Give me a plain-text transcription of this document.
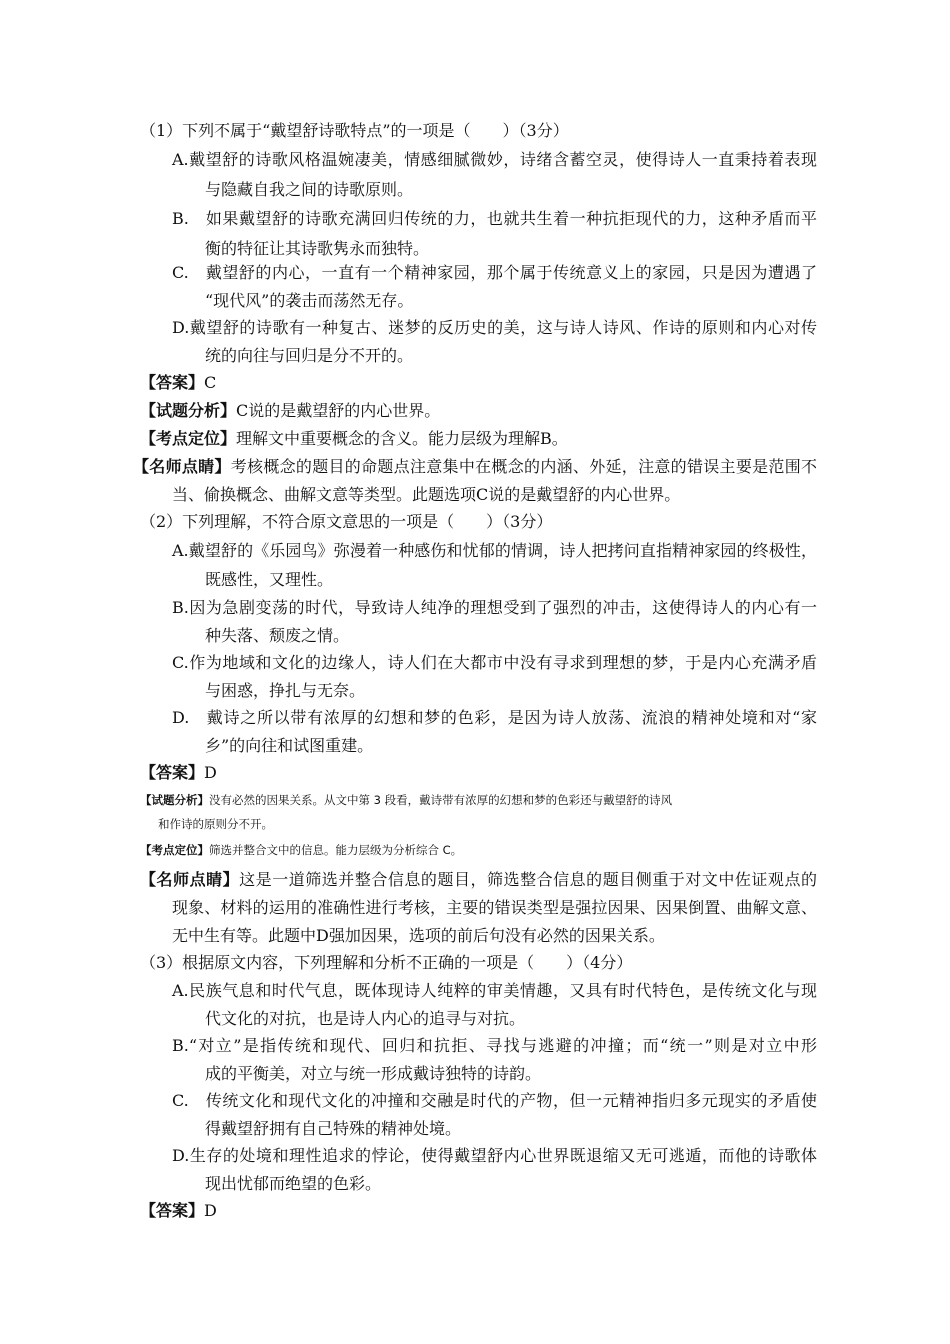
（1）下列不属于“戴望舒诗歌特点”的一项是（　　）（3分）
A.戴望舒的诗歌风格温婉凄美，情感细腻微妙，诗绪含蓄空灵，使得诗人一直秉持着表现
与隐藏自我之间的诗歌原则。
B.　如果戴望舒的诗歌充满回归传统的力，也就共生着一种抗拒现代的力，这种矛盾而平
衡的特征让其诗歌隽永而独特。
C.　戴望舒的内心，一直有一个精神家园，那个属于传统意义上的家园，只是因为遭遇了
“现代风”的袭击而荡然无存。
D.戴望舒的诗歌有一种复古、迷梦的反历史的美，这与诗人诗风、作诗的原则和内心对传
统的向往与回归是分不开的。
【答案】C
【试题分析】C说的是戴望舒的内心世界。
【考点定位】理解文中重要概念的含义。能力层级为理解B。
【名师点睛】考核概念的题目的命题点注意集中在概念的内涵、外延，注意的错误主要是范围不
当、偷换概念、曲解文意等类型。此题选项C说的是戴望舒的内心世界。
（2）下列理解，不符合原文意思的一项是（　　）（3分）
A.戴望舒的《乐园鸟》弥漫着一种感伤和忧郁的情调，诗人把拷问直指精神家园的终极性，
既感性，又理性。
B.因为急剧变荡的时代，导致诗人纯净的理想受到了强烈的冲击，这使得诗人的内心有一
种失落、颓废之情。
C.作为地域和文化的边缘人，诗人们在大都市中没有寻求到理想的梦，于是内心充满矛盾
与困惑，挣扎与无奈。
D.　戴诗之所以带有浓厚的幻想和梦的色彩，是因为诗人放荡、流浪的精神处境和对“家
乡”的向往和试图重建。
【答案】D
【试题分析】没有必然的因果关系。从文中第 3 段看，戴诗带有浓厚的幻想和梦的色彩还与戴望舒的诗风
和作诗的原则分不开。
【考点定位】筛选并整合文中的信息。能力层级为分析综合 C。
【名师点睛】这是一道筛选并整合信息的题目，筛选整合信息的题目侧重于对文中佐证观点的
现象、材料的运用的准确性进行考核，主要的错误类型是强拉因果、因果倒置、曲解文意、
无中生有等。此题中D强加因果，选项的前后句没有必然的因果关系。
（3）根据原文内容，下列理解和分析不正确的一项是（　　）（4分）
A.民族气息和时代气息，既体现诗人纯粹的审美情趣，又具有时代特色，是传统文化与现
代文化的对抗，也是诗人内心的追寻与对抗。
B.“对立”是指传统和现代、回归和抗拒、寻找与逃避的冲撞；而“统一”则是对立中形
成的平衡美，对立与统一形成戴诗独特的诗韵。
C.　传统文化和现代文化的冲撞和交融是时代的产物，但一元精神指归多元现实的矛盾使
得戴望舒拥有自己特殊的精神处境。
D.生存的处境和理性追求的悖论，使得戴望舒内心世界既退缩又无可逃遁，而他的诗歌体
现出忧郁而绝望的色彩。
【答案】D
